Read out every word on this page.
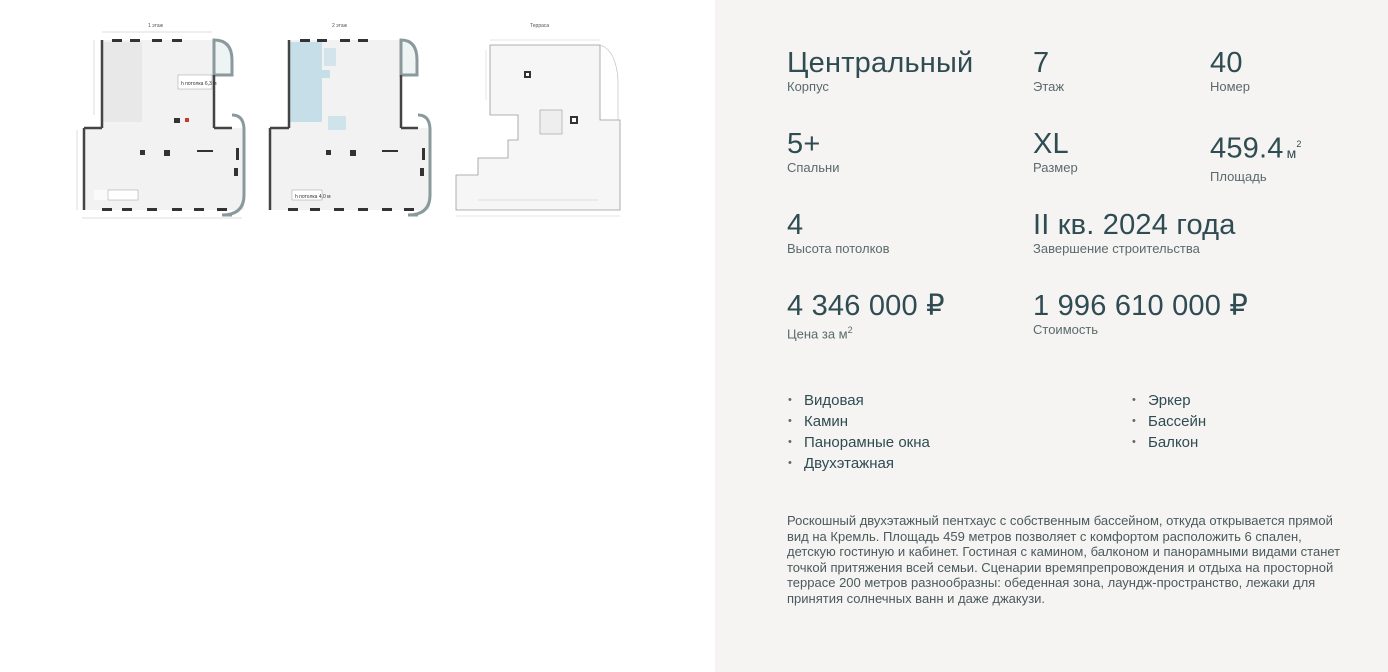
1 этаж
h потолка 6,3 м
2 этаж
h потолка 4,0 м
Терраса
Центральный
Корпус
7
Этаж
40
Номер
5+
Спальни
XL
Размер
459.4 $м^2$
Площадь
4
Высота потолков
II кв. 2024 года
Завершение строительства
4 346 000 ₽
Цена за $м^2$
1 996 610 000 ₽
Стоимость
• Видовая
• Камин
• Панорамные окна
• Двухэтажная
• Эркер
• Бассейн
• Балкон
Роскошный двухэтажный пентхаус с собственным бассейном, откуда открывается прямой вид на Кремль. Площадь 459 метров позволяет с комфортом расположить 6 спален, детскую гостиную и кабинет. Гостиная с камином, балконом и панорамными видами станет точкой притяжения всей семьи. Сценарии времяпрепровождения и отдыха на просторной террасе 200 метров разнообразны: обеденная зона, лаундж-пространство, лежаки для принятия солнечных ванн и даже джакузи.
